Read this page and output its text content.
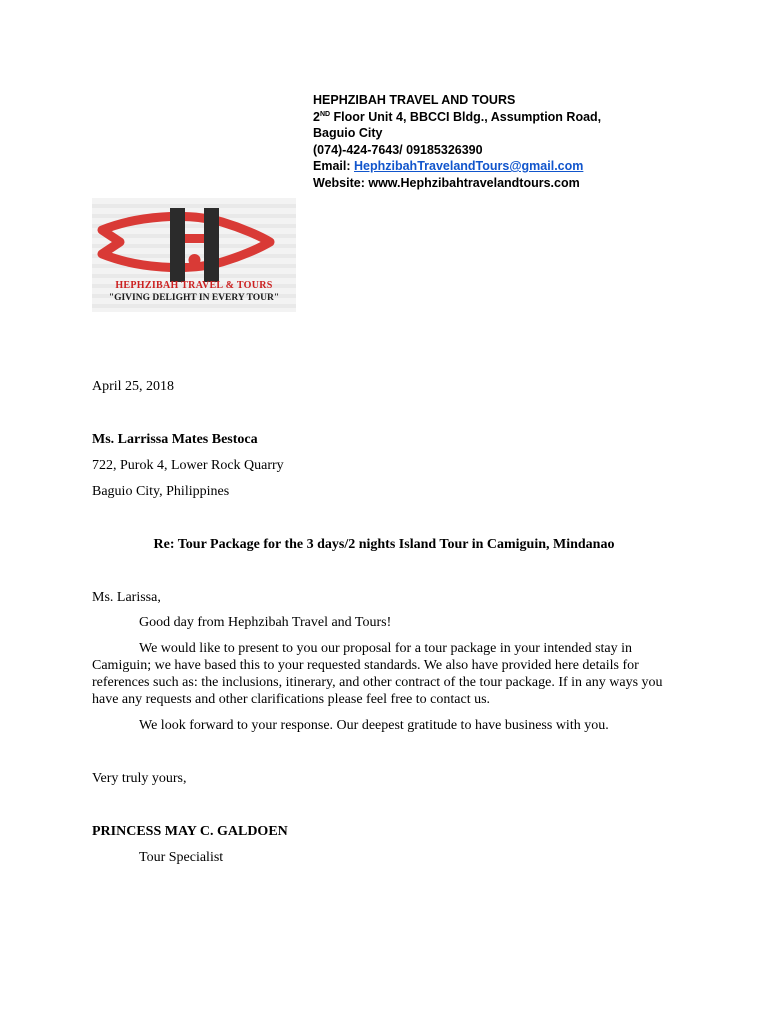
HEPHZIBAH TRAVEL AND TOURS
2ND Floor Unit 4, BBCCI Bldg., Assumption Road, Baguio City
(074)-424-7643/ 09185326390
Email: HephzibahTravelandTours@gmail.com
Website: www.Hephzibahtravelandtours.com
HEPHZIBAH TRAVEL & TOURS
"GIVING DELIGHT IN EVERY TOUR"
April 25, 2018
Ms. Larrissa Mates Bestoca
722, Purok 4, Lower Rock Quarry
Baguio City, Philippines
Re: Tour Package for the 3 days/2 nights Island Tour in Camiguin, Mindanao
Ms. Larissa,

Good day from Hephzibah Travel and Tours!

We would like to present to you our proposal for a tour package in your intended stay in Camiguin; we have based this to your requested standards. We also have provided here details for references such as: the inclusions, itinerary, and other contract of the tour package. If in any ways you have any requests and other clarifications please feel free to contact us.

We look forward to your response. Our deepest gratitude to have business with you.

Very truly yours,
PRINCESS MAY C. GALDOEN
Tour Specialist
